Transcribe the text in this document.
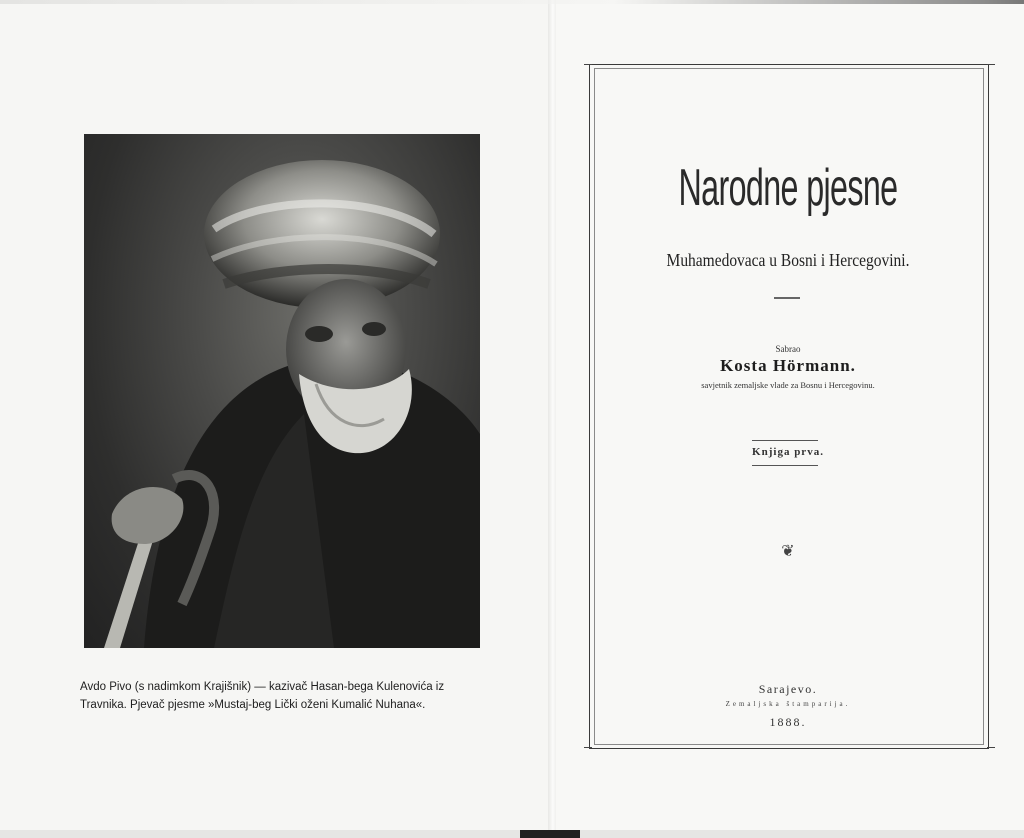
Avdo Pivo (s nadimkom Krajišnik) — kazivač Hasan-bega Kulenovića iz
Travnika. Pjevač pjesme »Mustaj-beg Lički oženi Kumalić Nuhana«.

Narodne pjesne

Muhamedovaca u Bosni i Hercegovini.

Sabrao

Kosta Hörmann.

savjetnik zemaljske vlade za Bosnu i Hercegovinu.

Knjiga prva.

❦

Sarajevo.

Zemaljska štamparija.

1888.
